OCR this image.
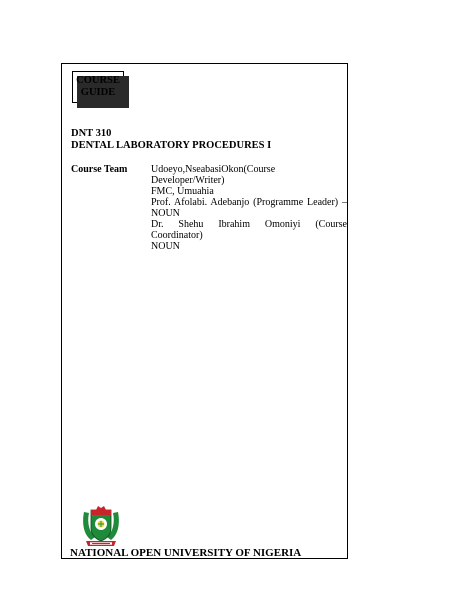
COURSE
GUIDE
DNT 310
DENTAL LABORATORY PROCEDURES I
Course Team Udoeyo,NseabasiOkon(Course Developer/Writer)

FMC, Umuahia

Prof. Afolabi. Adebanjo (Programme Leader) –

NOUN

Dr. Shehu Ibrahim Omoniyi (Course Coordinator)

NOUN

NATIONAL OPEN UNIVERSITY OF NIGERIA
